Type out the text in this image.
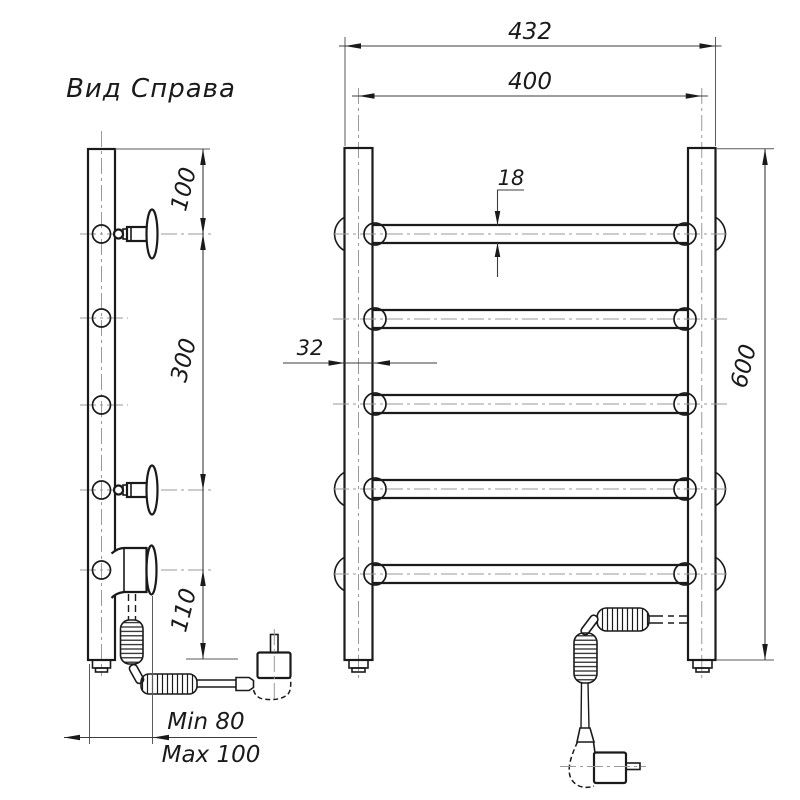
Вид Справа
100
300
110
Min 80
Max 100
432
400
18
32	600
